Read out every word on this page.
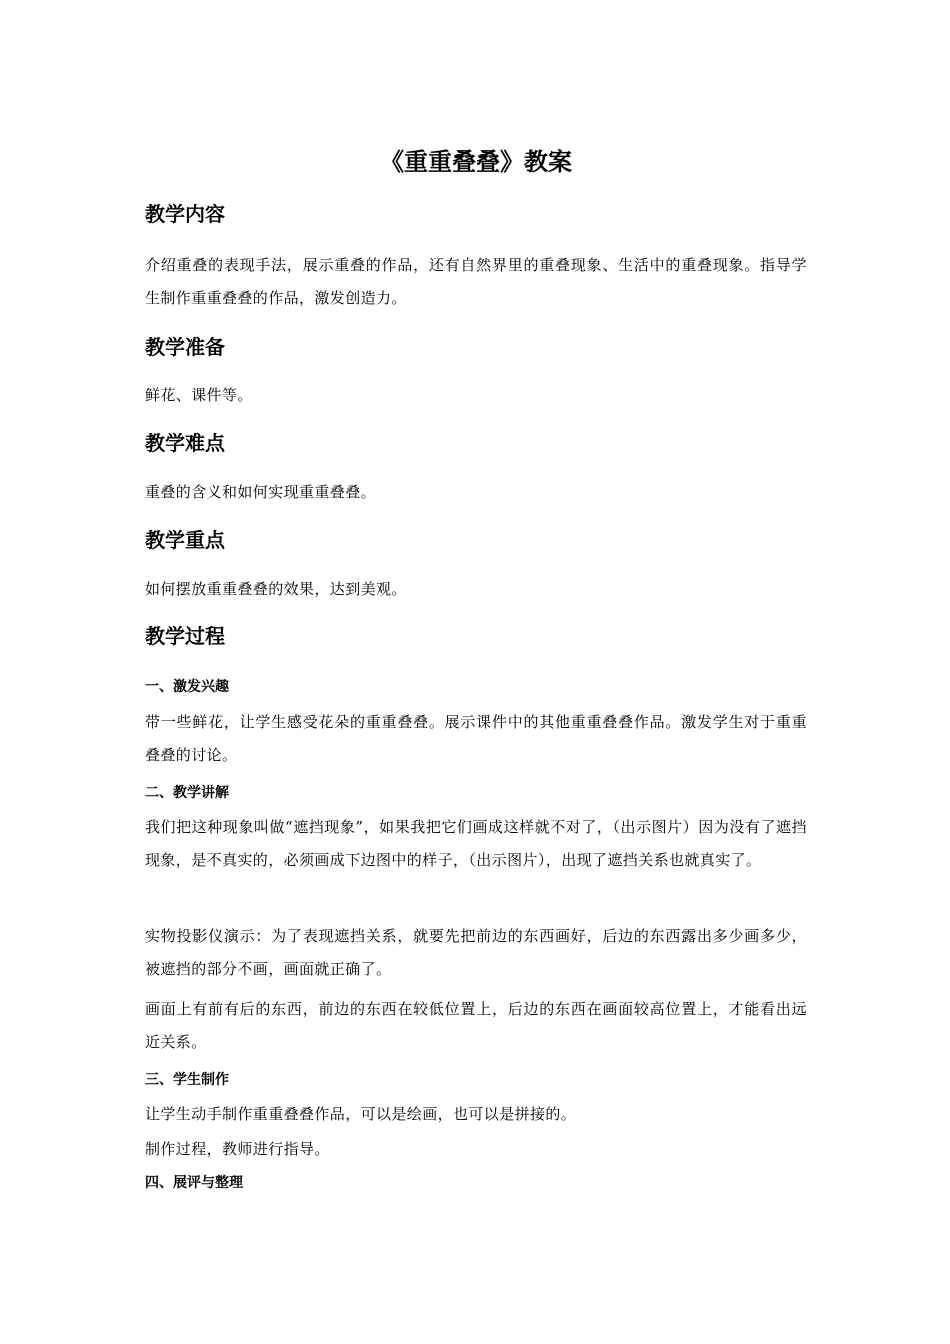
《重重叠叠》教案
教学内容

介绍重叠的表现手法，展示重叠的作品，还有自然界里的重叠现象、生活中的重叠现象。指导学生制作重重叠叠的作品，激发创造力。

教学准备

鲜花、课件等。

教学难点

重叠的含义和如何实现重重叠叠。

教学重点

如何摆放重重叠叠的效果，达到美观。

教学过程
一、激发兴趣

带一些鲜花，让学生感受花朵的重重叠叠。展示课件中的其他重重叠叠作品。激发学生对于重重叠叠的讨论。

二、教学讲解

我们把这种现象叫做“遮挡现象”，如果我把它们画成这样就不对了，（出示图片）因为没有了遮挡现象，是不真实的，必须画成下边图中的样子，（出示图片），出现了遮挡关系也就真实了。

实物投影仪演示：为了表现遮挡关系，就要先把前边的东西画好，后边的东西露出多少画多少，被遮挡的部分不画，画面就正确了。

画面上有前有后的东西，前边的东西在较低位置上，后边的东西在画面较高位置上，才能看出远近关系。

三、学生制作

让学生动手制作重重叠叠作品，可以是绘画，也可以是拼接的。

制作过程，教师进行指导。

四、展评与整理
